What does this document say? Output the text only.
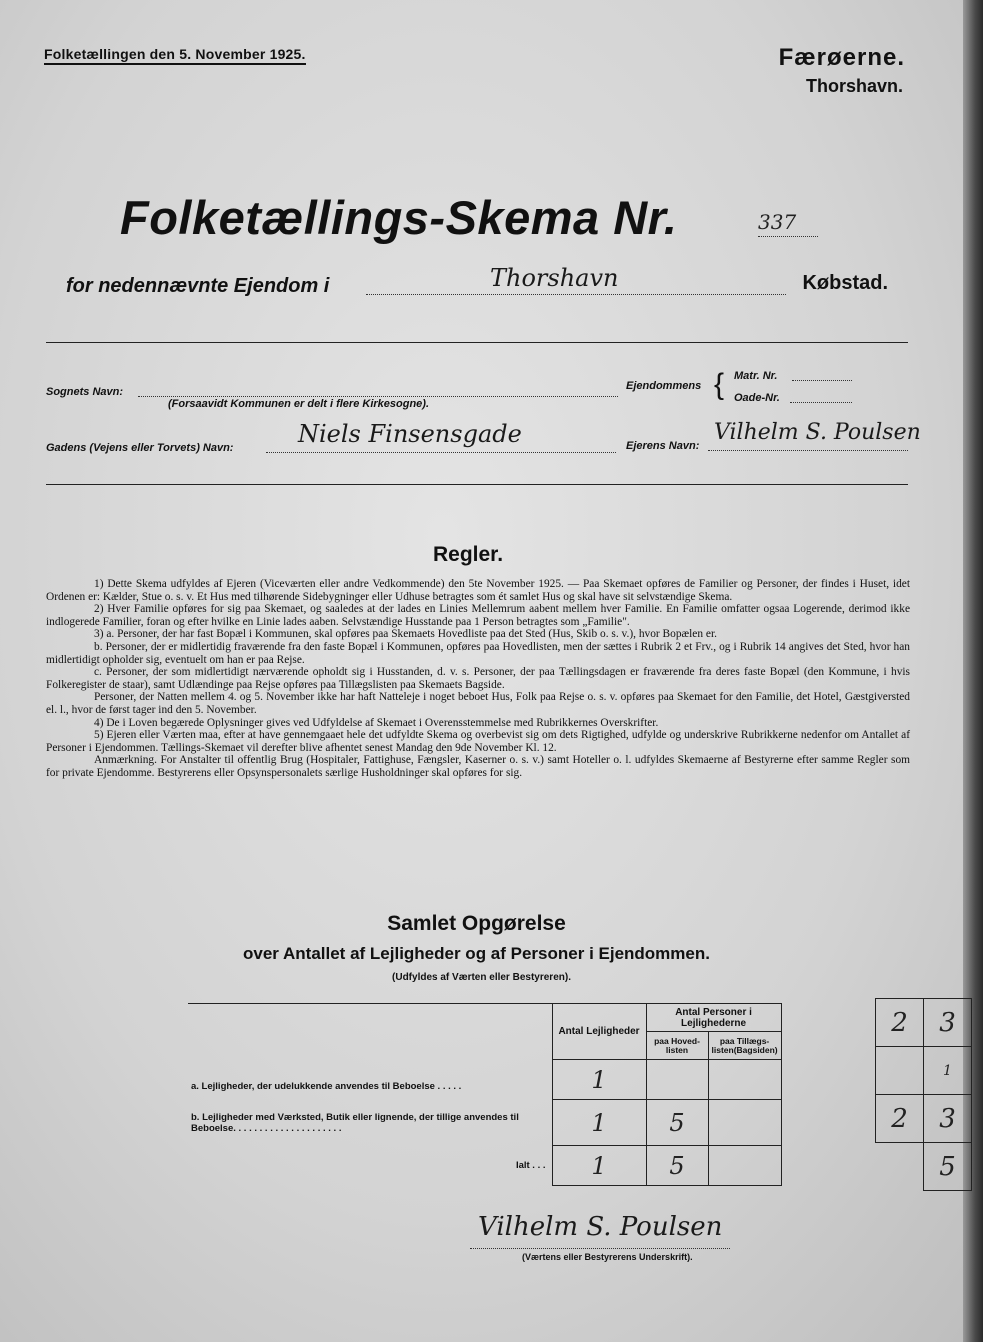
Folketællingen den 5. November 1925.	Færøerne.
Thorshavn.
Folketællings-Skema Nr.	337
for nedennævnte Ejendom i	Thorshavn	Købstad.
Sognets Navn:
(Forsaavidt Kommunen er delt i flere Kirkesogne).
Ejendommens { Matr. Nr.
Oade-Nr.
Gadens (Vejens eller Torvets) Navn:	Niels Finsensgade	Ejerens Navn:
Vilhelm S. Poulsen
Regler.

1) Dette Skema udfyldes af Ejeren (Viceværten eller andre Vedkommende) den 5te November 1925. — Paa Skemaet opføres de Familier og Personer, der findes i Huset, idet Ordenen er: Kælder, Stue o. s. v. Et Hus med tilhørende Sidebygninger eller Udhuse betragtes som ét samlet Hus og skal have sit selvstændige Skema.

2) Hver Familie opføres for sig paa Skemaet, og saaledes at der lades en Linies Mellemrum aabent mellem hver Familie. En Familie omfatter ogsaa Logerende, derimod ikke indlogerede Familier, foran og efter hvilke en Linie lades aaben. Selvstændige Husstande paa 1 Person betragtes som „Familie".

3) a. Personer, der har fast Bopæl i Kommunen, skal opføres paa Skemaets Hovedliste paa det Sted (Hus, Skib o. s. v.), hvor Bopælen er.

b. Personer, der er midlertidig fraværende fra den faste Bopæl i Kommunen, opføres paa Hovedlisten, men der sættes i Rubrik 2 et Frv., og i Rubrik 14 angives det Sted, hvor han midlertidigt opholder sig, eventuelt om han er paa Rejse.

c. Personer, der som midlertidigt nærværende opholdt sig i Husstanden, d. v. s. Personer, der paa Tællingsdagen er fraværende fra deres faste Bopæl (den Kommune, i hvis Folkeregister de staar), samt Udlændinge paa Rejse opføres paa Tillægslisten paa Skemaets Bagside.

Personer, der Natten mellem 4. og 5. November ikke har haft Natteleje i noget beboet Hus, Folk paa Rejse o. s. v. opføres paa Skemaet for den Familie, det Hotel, Gæstgiversted el. l., hvor de først tager ind den 5. November.

4) De i Loven begærede Oplysninger gives ved Udfyldelse af Skemaet i Overensstemmelse med Rubrikkernes Overskrifter.

5) Ejeren eller Værten maa, efter at have gennemgaaet hele det udfyldte Skema og overbevist sig om dets Rigtighed, udfylde og underskrive Rubrikkerne nedenfor om Antallet af Personer i Ejendommen. Tællings-Skemaet vil derefter blive afhentet senest Mandag den 9de November Kl. 12.

Anmærkning. For Anstalter til offentlig Brug (Hospitaler, Fattighuse, Fængsler, Kaserner o. s. v.) samt Hoteller o. l. udfyldes Skemaerne af Bestyrerne efter samme Regler som for private Ejendomme. Bestyrerens eller Opsynspersonalets særlige Husholdninger skal opføres for sig.

Samlet Opgørelse
over Antallet af Lejligheder og af Personer i Ejendommen.
(Udfyldes af Værten eller Bestyreren).
	Antal Lejligheder	Antal Personer i Lejlighederne	
		paa Hoved-listen	paa Tillægs-listen(Bagsiden)
a. Lejligheder, der udelukkende anvendes til Beboelse . . . . .	1		
b. Lejligheder med Værksted, Butik eller lignende, der tillige anvendes til Beboelse. . . . . . . . . . . . . . . . . . . . .	1	5	
Ialt . . .	1	5	
Vilhelm S. Poulsen
(Værtens eller Bestyrerens Underskrift).
2	3
	1
2	3
	5
